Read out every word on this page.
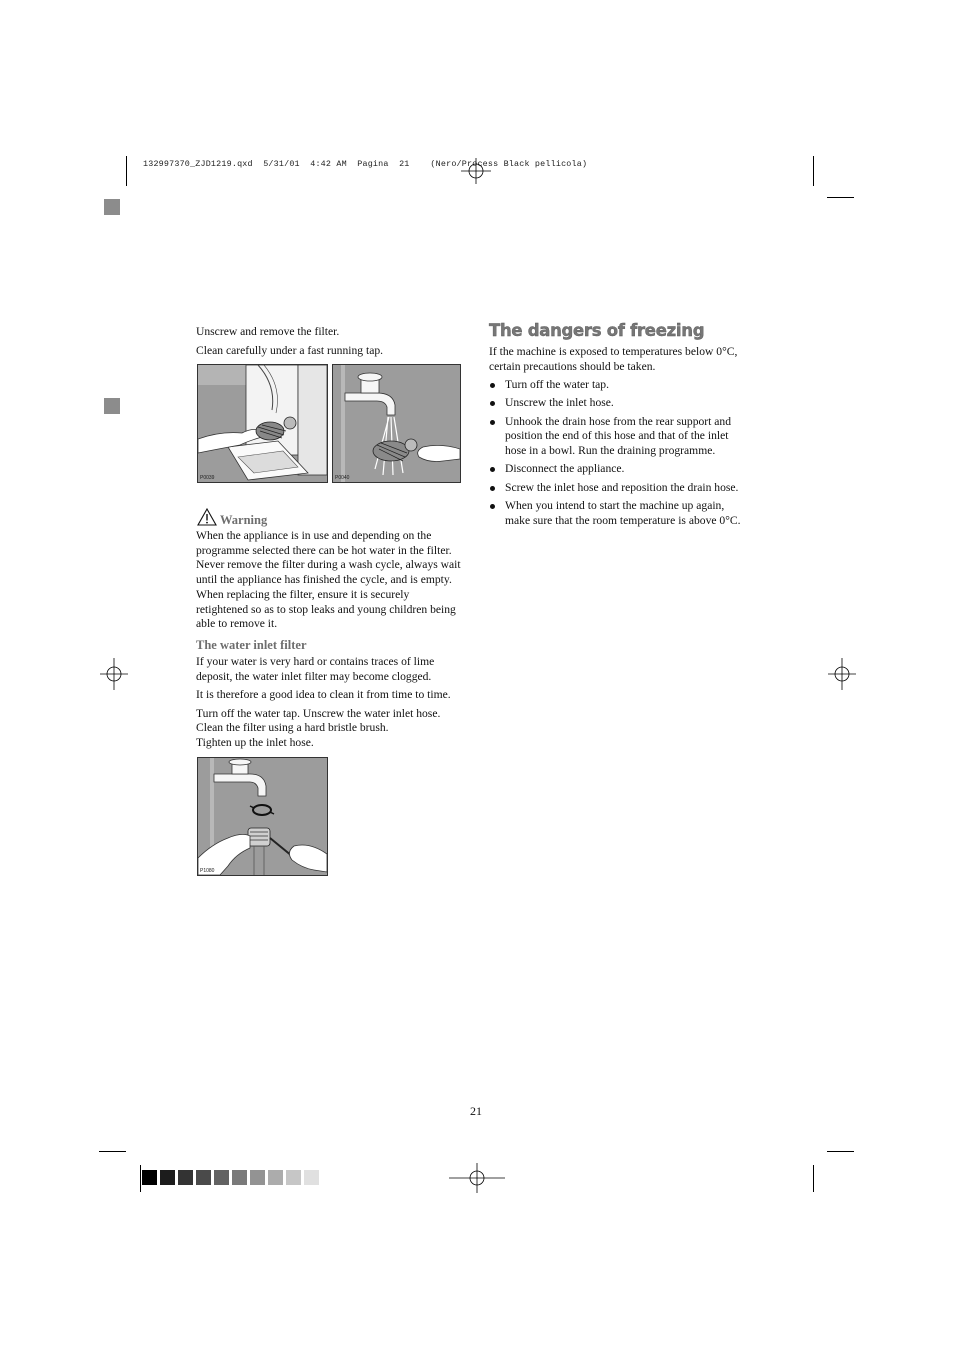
132997370_ZJD1219.qxd  5/31/01  4:42 AM  Pagina  21    (Nero/Process Black pellicola)

Unscrew and remove the filter.

Clean carefully under a fast running tap.

P0039	P0040
Warning

When the appliance is in use and depending on the programme selected there can be hot water in the filter. Never remove the filter during a wash cycle, always wait until the appliance has finished the cycle, and is empty. When replacing the filter, ensure it is securely retightened so as to stop leaks and young children being able to remove it.

The water inlet filter

If your water is very hard or contains traces of lime deposit, the water inlet filter may become clogged.

It is therefore a good idea to clean it from time to time.

Turn off the water tap. Unscrew the water inlet hose.

Clean the filter using a hard bristle brush.

Tighten up the inlet hose.

P1080
The dangers of freezing

If the machine is exposed to temperatures below 0°C, certain precautions should be taken.

Turn off the water tap.
Unscrew the inlet hose.
Unhook the drain hose from the rear support and position the end of this hose and that of the inlet hose in a bowl. Run the draining programme.
Disconnect the appliance.
Screw the inlet hose and reposition the drain hose.
When you intend to start the machine up again, make sure that the room temperature is above 0°C.
21
